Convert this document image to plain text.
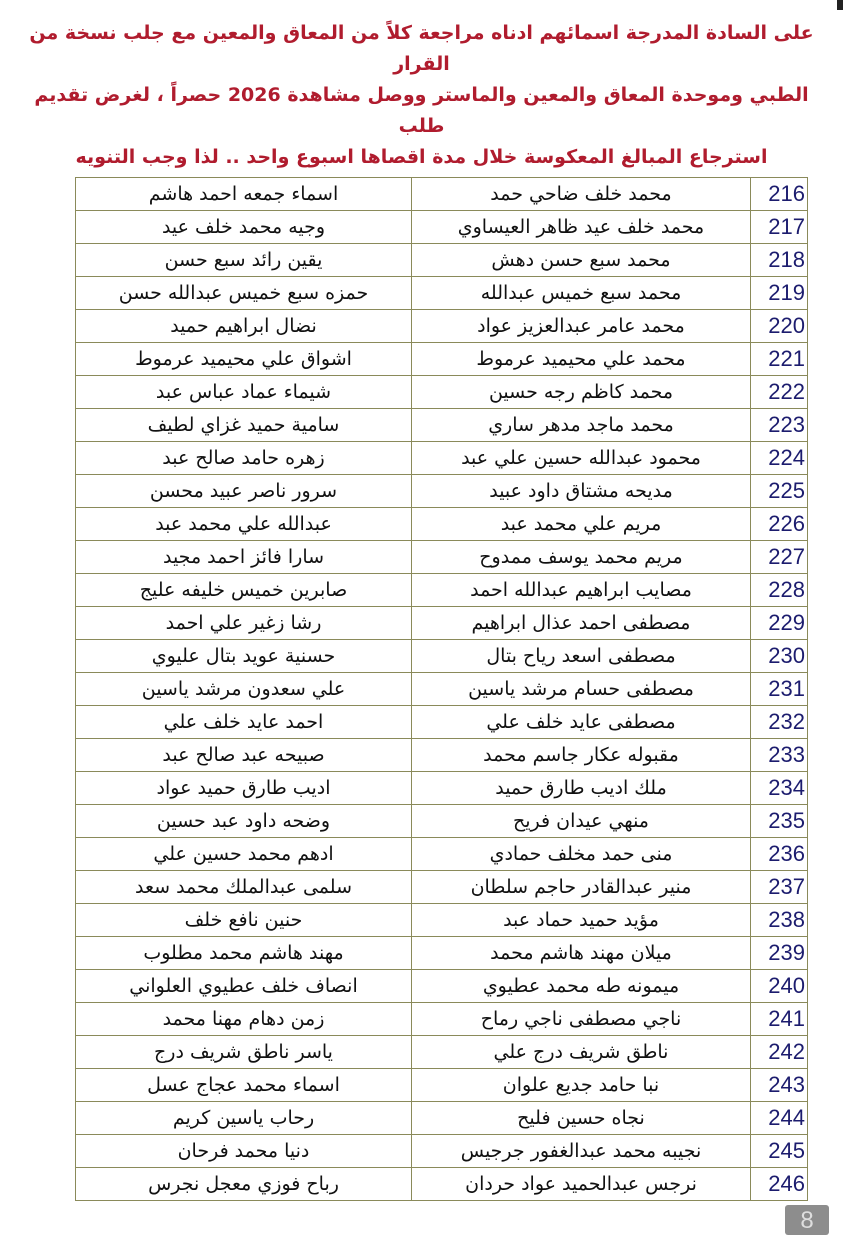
على السادة المدرجة اسمائهم ادناه مراجعة كلاً من المعاق والمعين مع جلب نسخة من القرار
الطبي وموحدة المعاق والمعين والماستر ووصل مشاهدة 2026 حصراً ، لغرض تقديم طلب
استرجاع المبالغ المعكوسة خلال مدة اقصاها اسبوع واحد .. لذا وجب التنويه
216	محمد خلف ضاحي حمد	اسماء جمعه احمد هاشم
217	محمد خلف عيد ظاهر العيساوي	وجيه محمد خلف عيد
218	محمد سبع حسن دهش	يقين رائد سبع حسن
219	محمد سبع خميس عبدالله	حمزه سبع خميس عبدالله حسن
220	محمد عامر عبدالعزيز عواد	نضال ابراهيم حميد
221	محمد علي محيميد عرموط	اشواق علي محيميد عرموط
222	محمد كاظم رجه حسين	شيماء عماد عباس عبد
223	محمد ماجد مدهر ساري	سامية حميد غزاي لطيف
224	محمود عبدالله حسين علي عبد	زهره حامد صالح عبد
225	مديحه مشتاق داود عبيد	سرور ناصر عبيد محسن
226	مريم علي محمد عبد	عبدالله علي محمد عبد
227	مريم محمد يوسف ممدوح	سارا فائز احمد مجيد
228	مصايب ابراهيم عبدالله احمد	صابرين خميس خليفه عليج
229	مصطفى احمد عذال ابراهيم	رشا زغير علي احمد
230	مصطفى اسعد رياح بتال	حسنية عويد بتال عليوي
231	مصطفى حسام مرشد ياسين	علي سعدون مرشد ياسين
232	مصطفى عايد خلف علي	احمد عايد خلف علي
233	مقبوله عكار جاسم محمد	صبيحه عبد صالح عبد
234	ملك اديب طارق حميد	اديب طارق حميد عواد
235	منهي عيدان فريح	وضحه داود عبد حسين
236	منى حمد مخلف حمادي	ادهم محمد حسين علي
237	منير عبدالقادر حاجم سلطان	سلمى عبدالملك محمد سعد
238	مؤيد حميد حماد عبد	حنين نافع خلف
239	ميلان مهند هاشم محمد	مهند هاشم محمد مطلوب
240	ميمونه طه محمد عطيوي	انصاف خلف عطيوي العلواني
241	ناجي مصطفى ناجي رماح	زمن دهام مهنا محمد
242	ناطق شريف درج علي	ياسر ناطق شريف درج
243	نبا حامد جديع علوان	اسماء محمد عجاج عسل
244	نجاه حسين فليح	رحاب ياسين كريم
245	نجيبه محمد عبدالغفور جرجيس	دنيا محمد فرحان
246	نرجس عبدالحميد عواد حردان	رباح فوزي معجل نجرس
8
